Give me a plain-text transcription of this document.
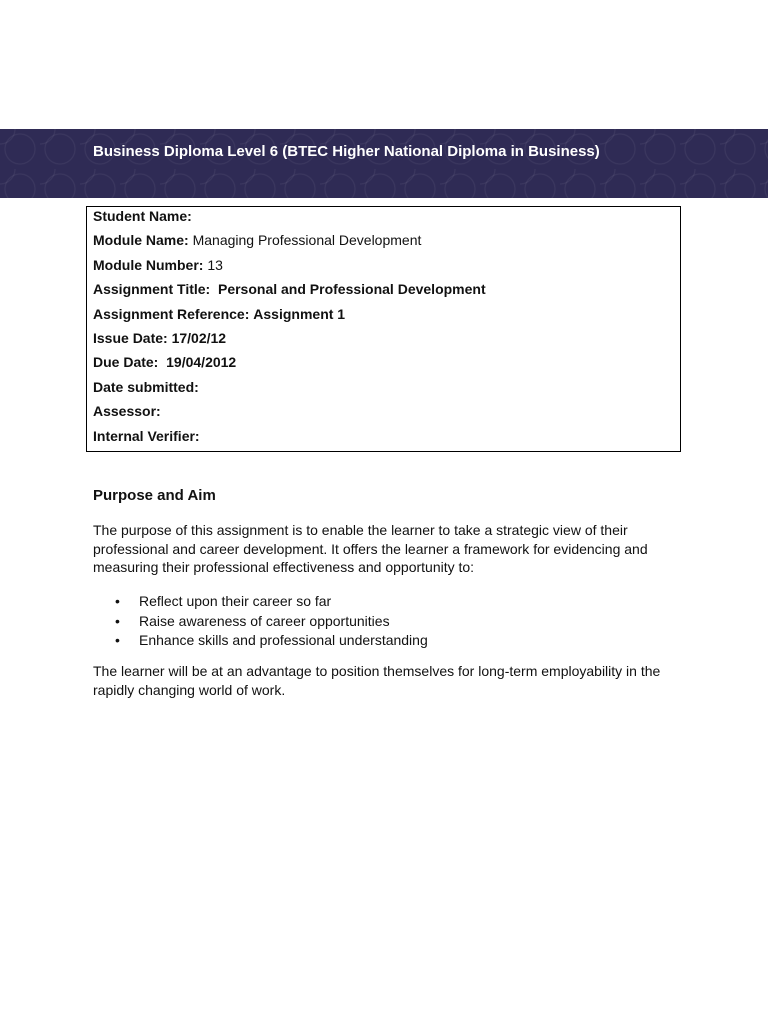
Business Diploma Level 6 (BTEC Higher National Diploma in Business)
Student Name:
Module Name: Managing Professional Development
Module Number: 13
Assignment Title: Personal and Professional Development
Assignment Reference: Assignment 1
Issue Date: 17/02/12
Due Date: 19/04/2012
Date submitted:
Assessor:
Internal Verifier:
Purpose and Aim
The purpose of this assignment is to enable the learner to take a strategic view of their professional and career development. It offers the learner a framework for evidencing and measuring their professional effectiveness and opportunity to:
• Reflect upon their career so far
• Raise awareness of career opportunities
• Enhance skills and professional understanding
The learner will be at an advantage to position themselves for long-term employability in the rapidly changing world of work.
